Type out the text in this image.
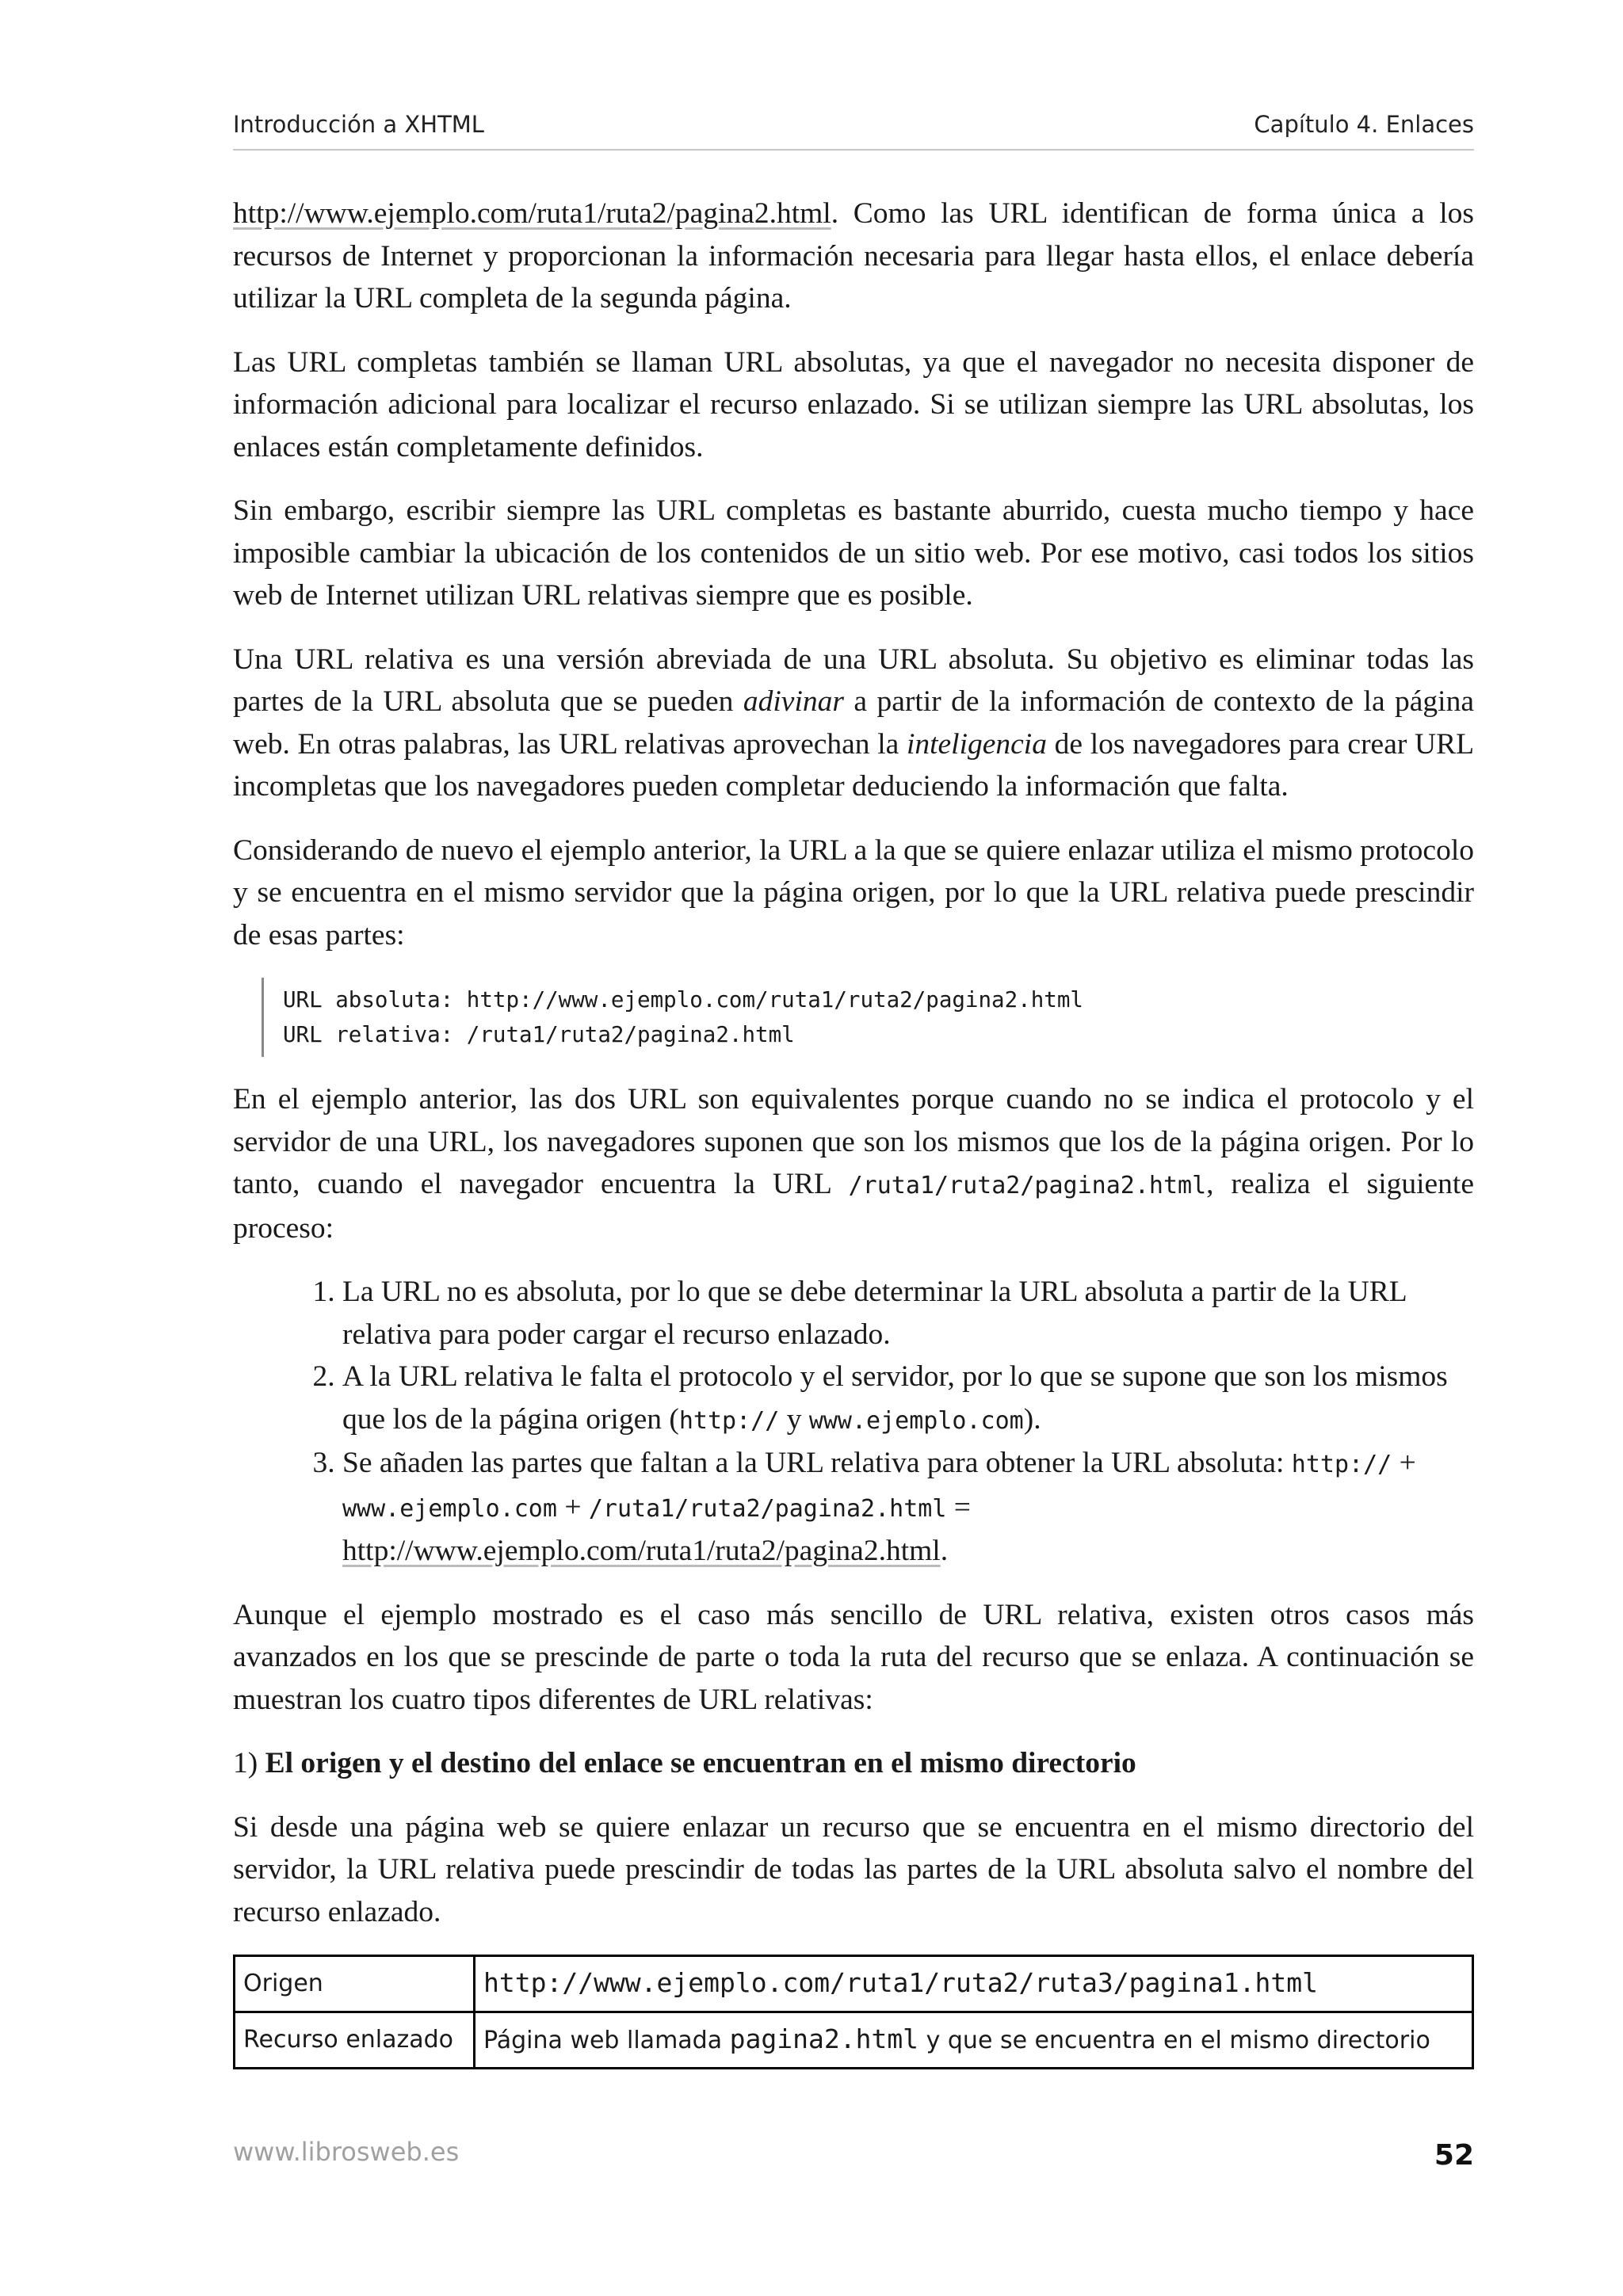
Introducción a XHTML	Capítulo 4. Enlaces

http://www.ejemplo.com/ruta1/ruta2/pagina2.html. Como las URL identifican de forma única a los recursos de Internet y proporcionan la información necesaria para llegar hasta ellos, el enlace debería utilizar la URL completa de la segunda página.

Las URL completas también se llaman URL absolutas, ya que el navegador no necesita disponer de información adicional para localizar el recurso enlazado. Si se utilizan siempre las URL absolutas, los enlaces están completamente definidos.

Sin embargo, escribir siempre las URL completas es bastante aburrido, cuesta mucho tiempo y hace imposible cambiar la ubicación de los contenidos de un sitio web. Por ese motivo, casi todos los sitios web de Internet utilizan URL relativas siempre que es posible.

Una URL relativa es una versión abreviada de una URL absoluta. Su objetivo es eliminar todas las partes de la URL absoluta que se pueden adivinar a partir de la información de contexto de la página web. En otras palabras, las URL relativas aprovechan la inteligencia de los navegadores para crear URL incompletas que los navegadores pueden completar deduciendo la información que falta.

Considerando de nuevo el ejemplo anterior, la URL a la que se quiere enlazar utiliza el mismo protocolo y se encuentra en el mismo servidor que la página origen, por lo que la URL relativa puede prescindir de esas partes:

URL absoluta: http://www.ejemplo.com/ruta1/ruta2/pagina2.html
URL relativa: /ruta1/ruta2/pagina2.html

En el ejemplo anterior, las dos URL son equivalentes porque cuando no se indica el protocolo y el servidor de una URL, los navegadores suponen que son los mismos que los de la página origen. Por lo tanto, cuando el navegador encuentra la URL /ruta1/ruta2/pagina2.html, realiza el siguiente proceso:

1. La URL no es absoluta, por lo que se debe determinar la URL absoluta a partir de la URL relativa para poder cargar el recurso enlazado.
2. A la URL relativa le falta el protocolo y el servidor, por lo que se supone que son los mismos que los de la página origen (http:// y www.ejemplo.com).
3. Se añaden las partes que faltan a la URL relativa para obtener la URL absoluta: http:// + www.ejemplo.com + /ruta1/ruta2/pagina2.html = http://www.ejemplo.com/ruta1/ruta2/pagina2.html.

Aunque el ejemplo mostrado es el caso más sencillo de URL relativa, existen otros casos más avanzados en los que se prescinde de parte o toda la ruta del recurso que se enlaza. A continuación se muestran los cuatro tipos diferentes de URL relativas:

1) El origen y el destino del enlace se encuentran en el mismo directorio

Si desde una página web se quiere enlazar un recurso que se encuentra en el mismo directorio del servidor, la URL relativa puede prescindir de todas las partes de la URL absoluta salvo el nombre del recurso enlazado.

Origen	http://www.ejemplo.com/ruta1/ruta2/ruta3/pagina1.html
Recurso enlazado	Página web llamada pagina2.html y que se encuentra en el mismo directorio
www.librosweb.es	52
